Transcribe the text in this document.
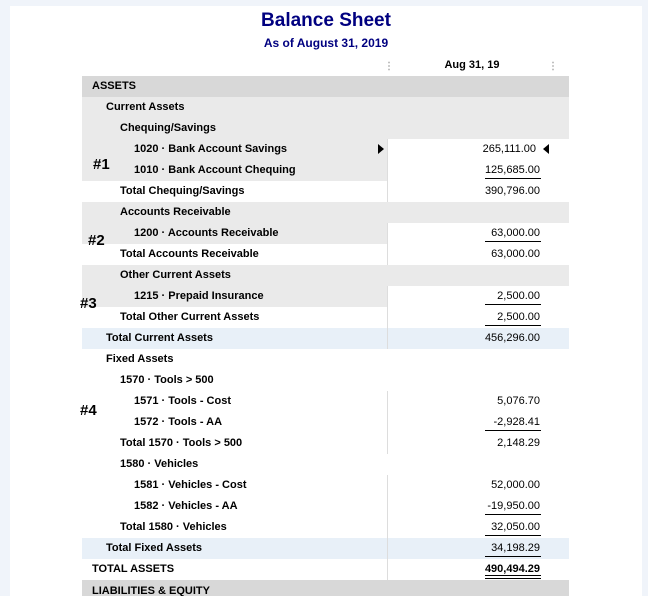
Balance Sheet
As of August 31, 2019
⋮	Aug 31, 19	⋮
ASSETS
Current Assets
Chequing/Savings
1020 · Bank Account Savings	265,111.00
1010 · Bank Account Chequing	125,685.00
Total Chequing/Savings	390,796.00
Accounts Receivable
1200 · Accounts Receivable	63,000.00
Total Accounts Receivable	63,000.00
Other Current Assets
1215 · Prepaid Insurance	2,500.00
Total Other Current Assets	2,500.00
Total Current Assets	456,296.00
Fixed Assets
1570 · Tools > 500
1571 · Tools - Cost	5,076.70
1572 · Tools - AA	-2,928.41
Total 1570 · Tools > 500	2,148.29
1580 · Vehicles
1581 · Vehicles - Cost	52,000.00
1582 · Vehicles - AA	-19,950.00
Total 1580 · Vehicles	32,050.00
Total Fixed Assets	34,198.29
TOTAL ASSETS	490,494.29
LIABILITIES & EQUITY
#1
#2
#3
#4
